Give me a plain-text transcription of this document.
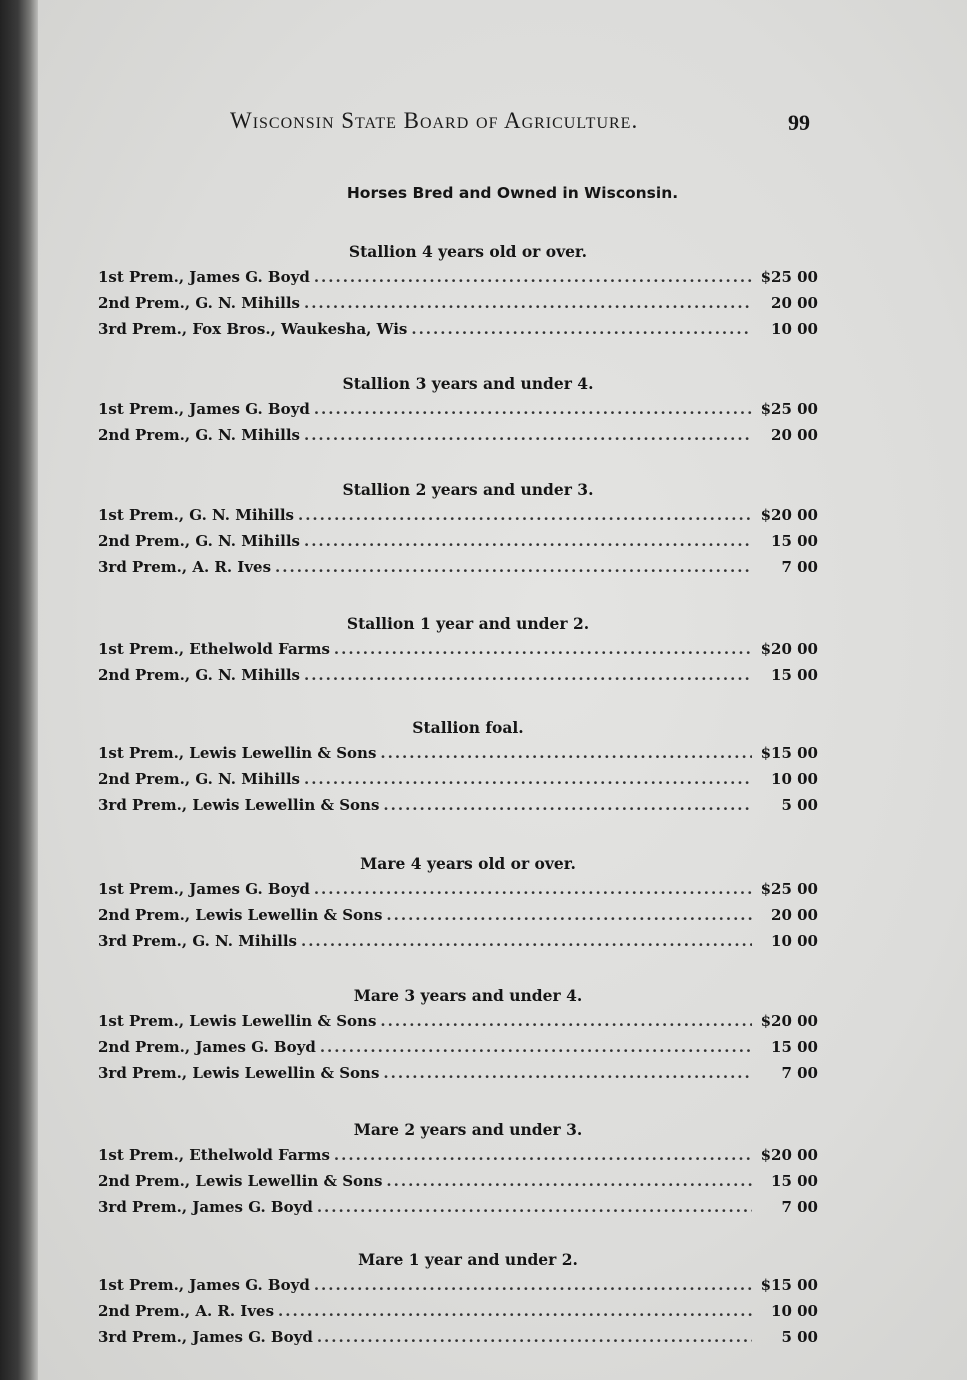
Wisconsin State Board of Agriculture.	99
Horses Bred and Owned in Wisconsin.
Stallion 4 years old or over.
1st Prem., James G. Boyd .....	$25 00
2nd Prem., G. N. Mihills .....	20 00
3rd Prem., Fox Bros., Waukesha, Wis .....	10 00
Stallion 3 years and under 4.
1st Prem., James G. Boyd .....	$25 00
2nd Prem., G. N. Mihills .....	20 00
Stallion 2 years and under 3.
1st Prem., G. N. Mihills .....	$20 00
2nd Prem., G. N. Mihills .....	15 00
3rd Prem., A. R. Ives .....	7 00
Stallion 1 year and under 2.
1st Prem., Ethelwold Farms .....	$20 00
2nd Prem., G. N. Mihills .....	15 00
Stallion foal.
1st Prem., Lewis Lewellin & Sons .....	$15 00
2nd Prem., G. N. Mihills .....	10 00
3rd Prem., Lewis Lewellin & Sons .....	5 00
Mare 4 years old or over.
1st Prem., James G. Boyd .....	$25 00
2nd Prem., Lewis Lewellin & Sons .....	20 00
3rd Prem., G. N. Mihills .....	10 00
Mare 3 years and under 4.
1st Prem., Lewis Lewellin & Sons .....	$20 00
2nd Prem., James G. Boyd .....	15 00
3rd Prem., Lewis Lewellin & Sons .....	7 00
Mare 2 years and under 3.
1st Prem., Ethelwold Farms .....	$20 00
2nd Prem., Lewis Lewellin & Sons .....	15 00
3rd Prem., James G. Boyd .....	7 00
Mare 1 year and under 2.
1st Prem., James G. Boyd .....	$15 00
2nd Prem., A. R. Ives .....	10 00
3rd Prem., James G. Boyd .....	5 00
